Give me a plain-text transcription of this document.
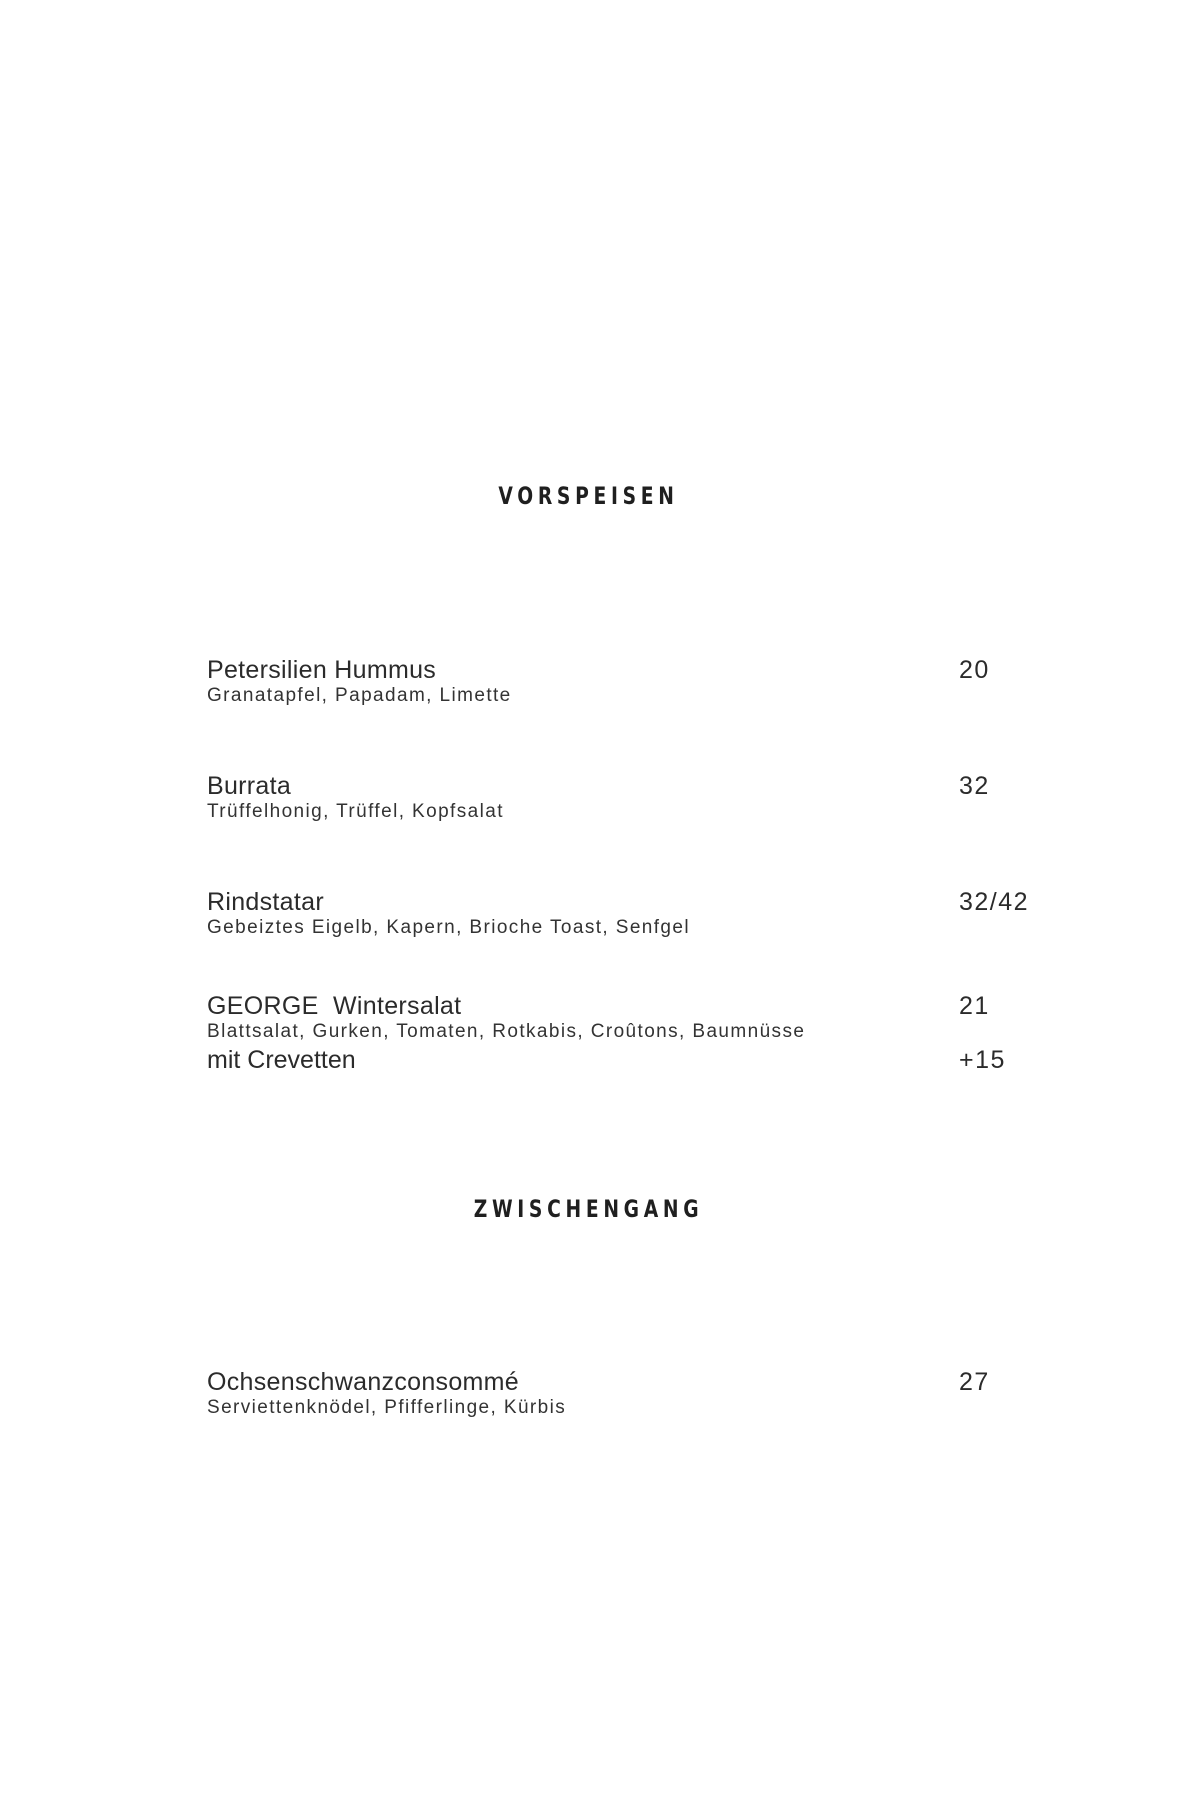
VORSPEISEN
Petersilien Hummus
Granatapfel, Papadam, Limette
20
Burrata
Trüffelhonig, Trüffel, Kopfsalat
32
Rindstatar
Gebeiztes Eigelb, Kapern, Brioche Toast, Senfgel
32/42
GEORGE  Wintersalat
Blattsalat, Gurken, Tomaten, Rotkabis, Croûtons, Baumnüsse
mit Crevetten
21
+15
ZWISCHENGANG
Ochsenschwanzconsommé
Serviettenknödel, Pfifferlinge, Kürbis
27
